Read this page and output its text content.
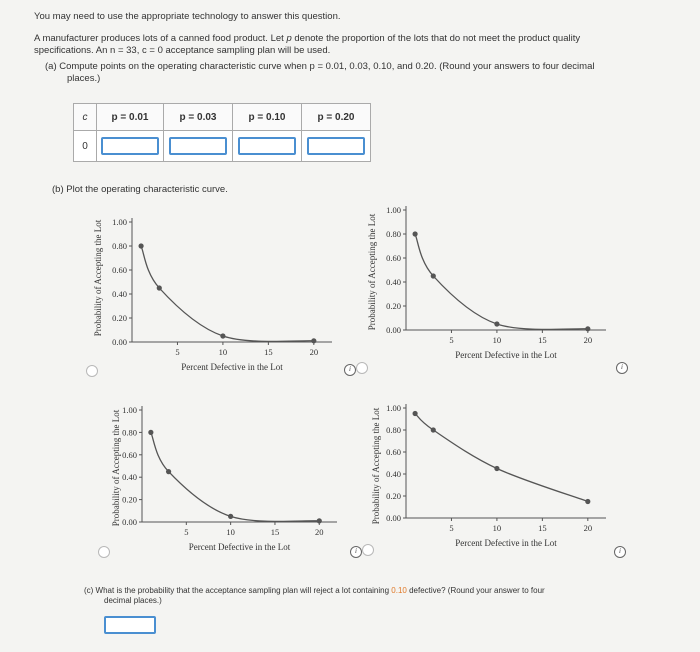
You may need to use the appropriate technology to answer this question.
A manufacturer produces lots of a canned food product. Let p denote the proportion of the lots that do not meet the product quality
specifications. An n = 33, c = 0 acceptance sampling plan will be used.
(a) Compute points on the operating characteristic curve when p = 0.01, 0.03, 0.10, and 0.20. (Round your answers to four decimal
places.)
c	p = 0.01	p = 0.03	p = 0.10	p = 0.20
0				
(b) Plot the operating characteristic curve.
1.00
0.80
0.60
0.40
0.20
0.00
5	10	15	20
Percent Defective in the Lot
Probability of Accepting the Lot
1.00
0.80
0.60
0.40
0.20
0.00
5	10	15	20
Percent Defective in the Lot
Probability of Accepting the Lot
1.00
0.80
0.60
0.40
0.20
0.00
5	10	15	20
Percent Defective in the Lot
Probability of Accepting the Lot
1.00
0.80
0.60
0.40
0.20
0.00
5	10	15	20
Percent Defective in the Lot
Probability of Accepting the Lot
i	i
i	i
(c) What is the probability that the acceptance sampling plan will reject a lot containing 0.10 defective? (Round your answer to four
decimal places.)
